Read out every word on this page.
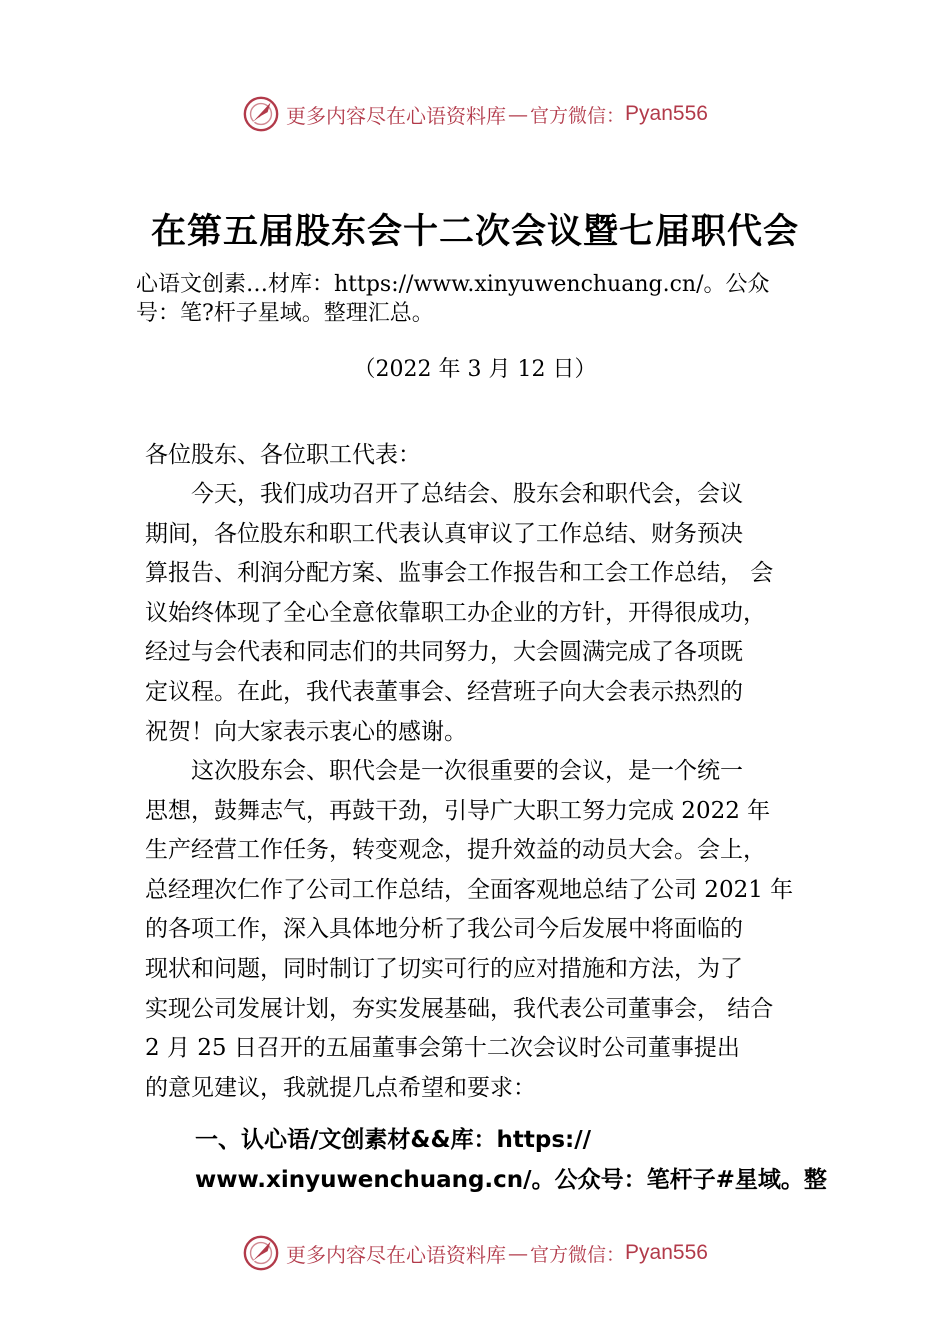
更多内容尽在心语资料库 — 官方微信： Pyan556
在第五届股东会十二次会议暨七届职代会
心语文创素…材库：https://www.xinyuwenchuang.cn/。公众
号：笔?杆子星域。整理汇总。
（2022 年 3 月 12 日）
各位股东、各位职工代表：
　　今天，我们成功召开了总结会、股东会和职代会，会议
期间，各位股东和职工代表认真审议了工作总结、财务预决
算报告、利润分配方案、监事会工作报告和工会工作总结， 会
议始终体现了全心全意依靠职工办企业的方针，开得很成功，
经过与会代表和同志们的共同努力，大会圆满完成了各项既
定议程。在此，我代表董事会、经营班子向大会表示热烈的
祝贺！向大家表示衷心的感谢。
　　这次股东会、职代会是一次很重要的会议，是一个统一
思想，鼓舞志气，再鼓干劲，引导广大职工努力完成 2022 年
生产经营工作任务，转变观念，提升效益的动员大会。会上，
总经理次仁作了公司工作总结，全面客观地总结了公司 2021 年
的各项工作，深入具体地分析了我公司今后发展中将面临的
现状和问题，同时制订了切实可行的应对措施和方法，为了
实现公司发展计划，夯实发展基础，我代表公司董事会， 结合
2 月 25 日召开的五届董事会第十二次会议时公司董事提出
的意见建议，我就提几点希望和要求：
一、认心语/文创素材&&库：https://
www.xinyuwenchuang.cn/。公众号：笔杆子#星域。整
更多内容尽在心语资料库 — 官方微信： Pyan556
